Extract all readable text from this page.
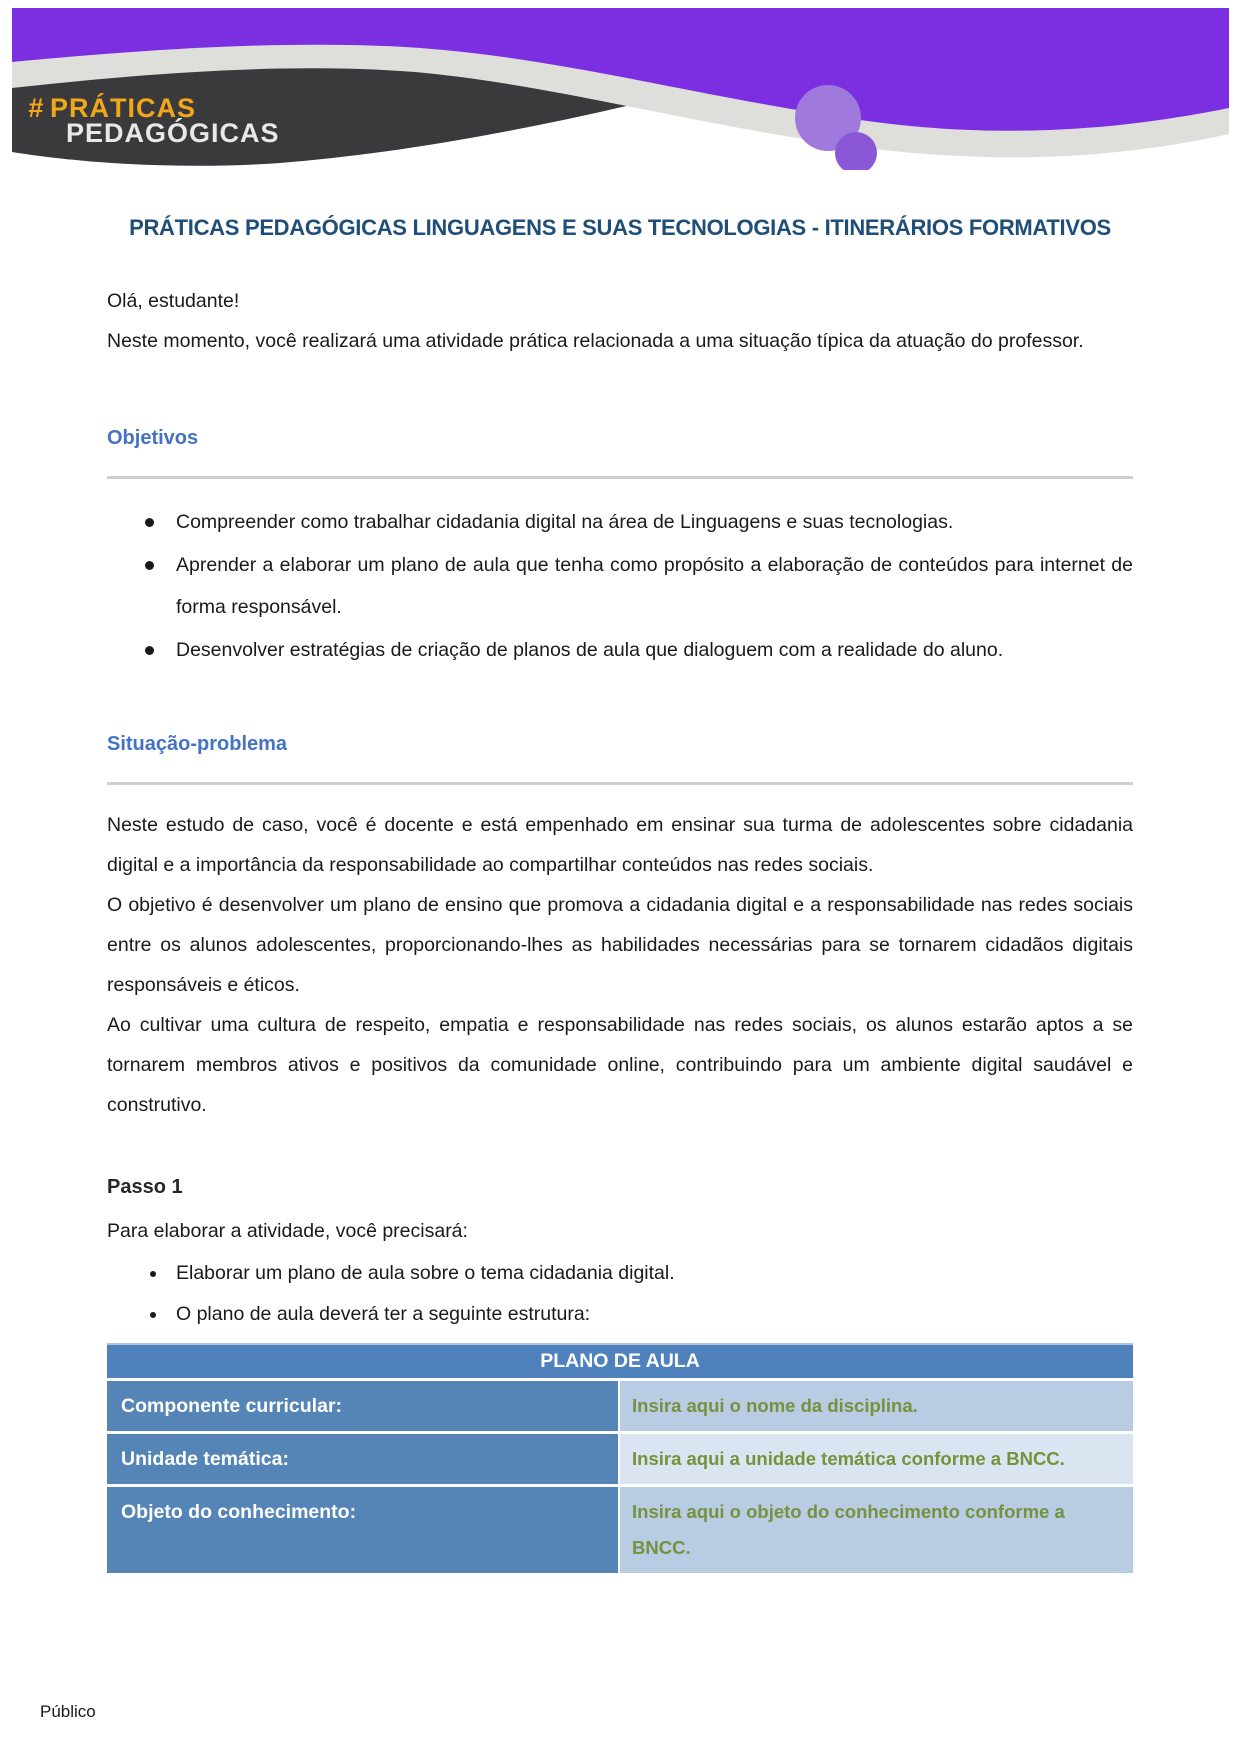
# PRÁTICAS
PEDAGÓGICAS
PRÁTICAS PEDAGÓGICAS LINGUAGENS E SUAS TECNOLOGIAS - ITINERÁRIOS FORMATIVOS

Olá, estudante!

Neste momento, você realizará uma atividade prática relacionada a uma situação típica da atuação do professor.

Objetivos
Compreender como trabalhar cidadania digital na área de Linguagens e suas tecnologias.
Aprender a elaborar um plano de aula que tenha como propósito a elaboração de conteúdos para internet de forma responsável.
Desenvolver estratégias de criação de planos de aula que dialoguem com a realidade do aluno.
Situação-problema

Neste estudo de caso, você é docente e está empenhado em ensinar sua turma de adolescentes sobre cidadania digital e a importância da responsabilidade ao compartilhar conteúdos nas redes sociais.

O objetivo é desenvolver um plano de ensino que promova a cidadania digital e a responsabilidade nas redes sociais entre os alunos adolescentes, proporcionando-lhes as habilidades necessárias para se tornarem cidadãos digitais responsáveis e éticos.

Ao cultivar uma cultura de respeito, empatia e responsabilidade nas redes sociais, os alunos estarão aptos a se tornarem membros ativos e positivos da comunidade online, contribuindo para um ambiente digital saudável e construtivo.

Passo 1

Para elaborar a atividade, você precisará:

Elaborar um plano de aula sobre o tema cidadania digital.
O plano de aula deverá ter a seguinte estrutura:
PLANO DE AULA	
Componente curricular:	Insira aqui o nome da disciplina.
Unidade temática:	Insira aqui a unidade temática conforme a BNCC.
Objeto do conhecimento:	Insira aqui o objeto do conhecimento conforme a BNCC.
Público
